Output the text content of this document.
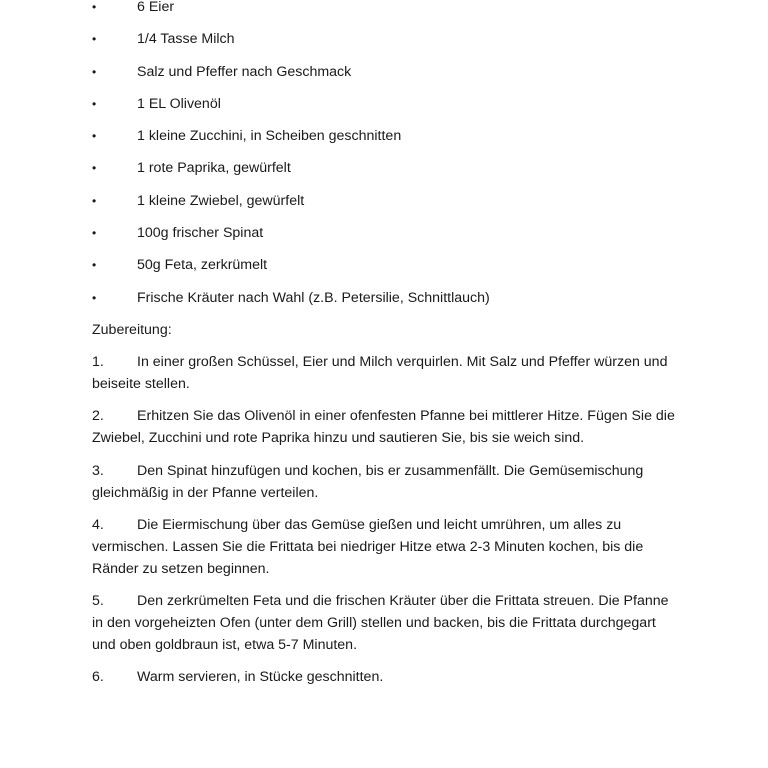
•	6 Eier
•	1/4 Tasse Milch
•	Salz und Pfeffer nach Geschmack
•	1 EL Olivenöl
•	1 kleine Zucchini, in Scheiben geschnitten
•	1 rote Paprika, gewürfelt
•	1 kleine Zwiebel, gewürfelt
•	100g frischer Spinat
•	50g Feta, zerkrümelt
•	Frische Kräuter nach Wahl (z.B. Petersilie, Schnittlauch)
Zubereitung:
1. In einer großen Schüssel, Eier und Milch verquirlen. Mit Salz und Pfeffer würzen und beiseite stellen.
2. Erhitzen Sie das Olivenöl in einer ofenfesten Pfanne bei mittlerer Hitze. Fügen Sie die Zwiebel, Zucchini und rote Paprika hinzu und sautieren Sie, bis sie weich sind.
3. Den Spinat hinzufügen und kochen, bis er zusammenfällt. Die Gemüsemischung gleichmäßig in der Pfanne verteilen.
4. Die Eiermischung über das Gemüse gießen und leicht umrühren, um alles zu vermischen. Lassen Sie die Frittata bei niedriger Hitze etwa 2-3 Minuten kochen, bis die Ränder zu setzen beginnen.
5. Den zerkrümelten Feta und die frischen Kräuter über die Frittata streuen. Die Pfanne in den vorgeheizten Ofen (unter dem Grill) stellen und backen, bis die Frittata durchgegart und oben goldbraun ist, etwa 5-7 Minuten.
6. Warm servieren, in Stücke geschnitten.
